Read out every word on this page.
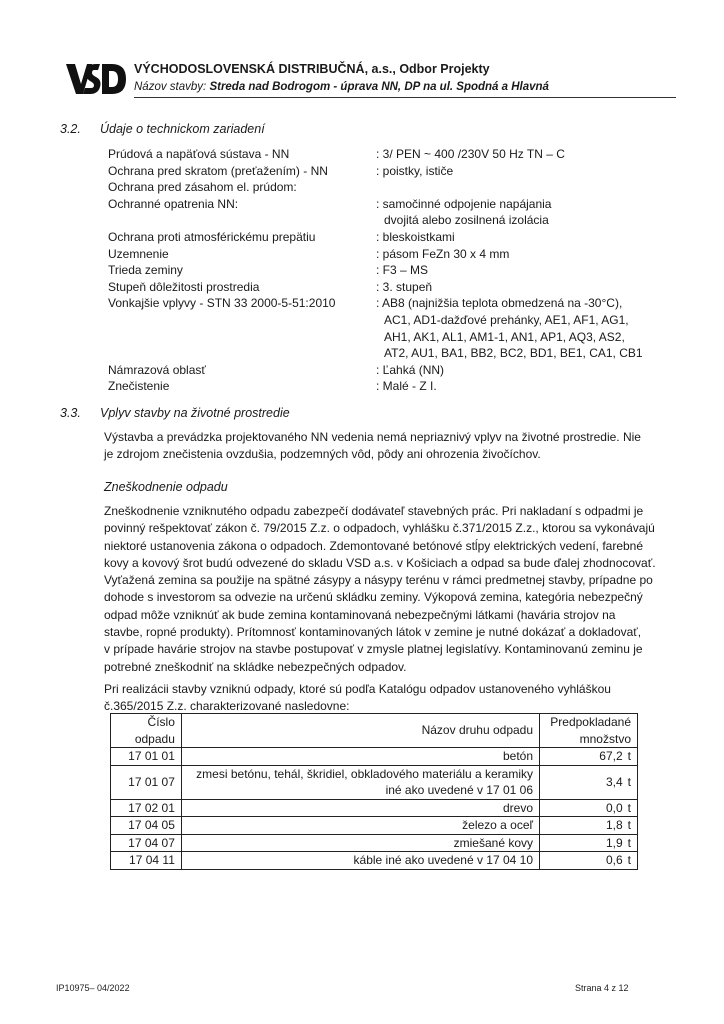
VÝCHODOSLOVENSKÁ DISTRIBUČNÁ, a.s., Odbor Projekty
Názov stavby: Streda nad Bodrogom - úprava NN, DP na ul. Spodná a Hlavná
3.2. Údaje o technickom zariadení
Prúdová a napäťová sústava - NN	: 3/ PEN ~ 400 /230V 50 Hz TN – C
Ochrana pred skratom (preťažením) - NN	: poistky, ističe
Ochrana pred zásahom el. prúdom:
Ochranné opatrenia NN:	: samočinné odpojenie napájania
dvojitá alebo zosilnená izolácia
Ochrana proti atmosférickému prepätiu	: bleskoistkami
Uzemnenie	: pásom FeZn 30 x 4 mm
Trieda zeminy	: F3 – MS
Stupeň dôležitosti prostredia	: 3. stupeň
Vonkajšie vplyvy - STN 33 2000-5-51:2010	: AB8 (najnižšia teplota obmedzená na -30°C),
AC1, AD1-dažďové prehánky, AE1, AF1, AG1,
AH1, AK1, AL1, AM1-1, AN1, AP1, AQ3, AS2,
AT2, AU1, BA1, BB2, BC2, BD1, BE1, CA1, CB1
Námrazová oblasť	: Ľahká (NN)
Znečistenie	: Malé - Z I.
3.3. Vplyv stavby na životné prostredie
Výstavba a prevádzka projektovaného NN vedenia nemá nepriaznivý vplyv na životné prostredie. Nie
je zdrojom znečistenia ovzdušia, podzemných vôd, pôdy ani ohrozenia živočíchov.
Zneškodnenie odpadu
Zneškodnenie vzniknutého odpadu zabezpečí dodávateľ stavebných prác. Pri nakladaní s odpadmi je
povinný rešpektovať zákon č. 79/2015 Z.z. o odpadoch, vyhlášku č.371/2015 Z.z., ktorou sa vykonávajú
niektoré ustanovenia zákona o odpadoch. Zdemontované betónové stĺpy elektrických vedení, farebné
kovy a kovový šrot budú odvezené do skladu VSD a.s. v Košiciach a odpad sa bude ďalej zhodnocovať.
Vyťažená zemina sa použije na spätné zásypy a násypy terénu v rámci predmetnej stavby, prípadne po
dohode s investorom sa odvezie na určenú skládku zeminy. Výkopová zemina, kategória nebezpečný
odpad môže vzniknúť ak bude zemina kontaminovaná nebezpečnými látkami (havária strojov na
stavbe, ropné produkty). Prítomnosť kontaminovaných látok v zemine je nutné dokázať a dokladovať,
v prípade havárie strojov na stavbe postupovať v zmysle platnej legislatívy. Kontaminovanú zeminu je
potrebné zneškodniť na skládke nebezpečných odpadov.
Pri realizácii stavby vzniknú odpady, ktoré sú podľa Katalógu odpadov ustanoveného vyhláškou
č.365/2015 Z.z. charakterizované nasledovne:
Číslo
odpadu	Názov druhu odpadu	Predpokladané
množstvo
17 01 01	betón	67,2 t
17 01 07	zmesi betónu, tehál, škridiel, obkladového materiálu a keramiky
iné ako uvedené v 17 01 06	3,4 t
17 02 01	drevo	0,0 t
17 04 05	železo a oceľ	1,8 t
17 04 07	zmiešané kovy	1,9 t
17 04 11	káble iné ako uvedené v 17 04 10	0,6 t
IP10975– 04/2022	Strana 4 z 12
